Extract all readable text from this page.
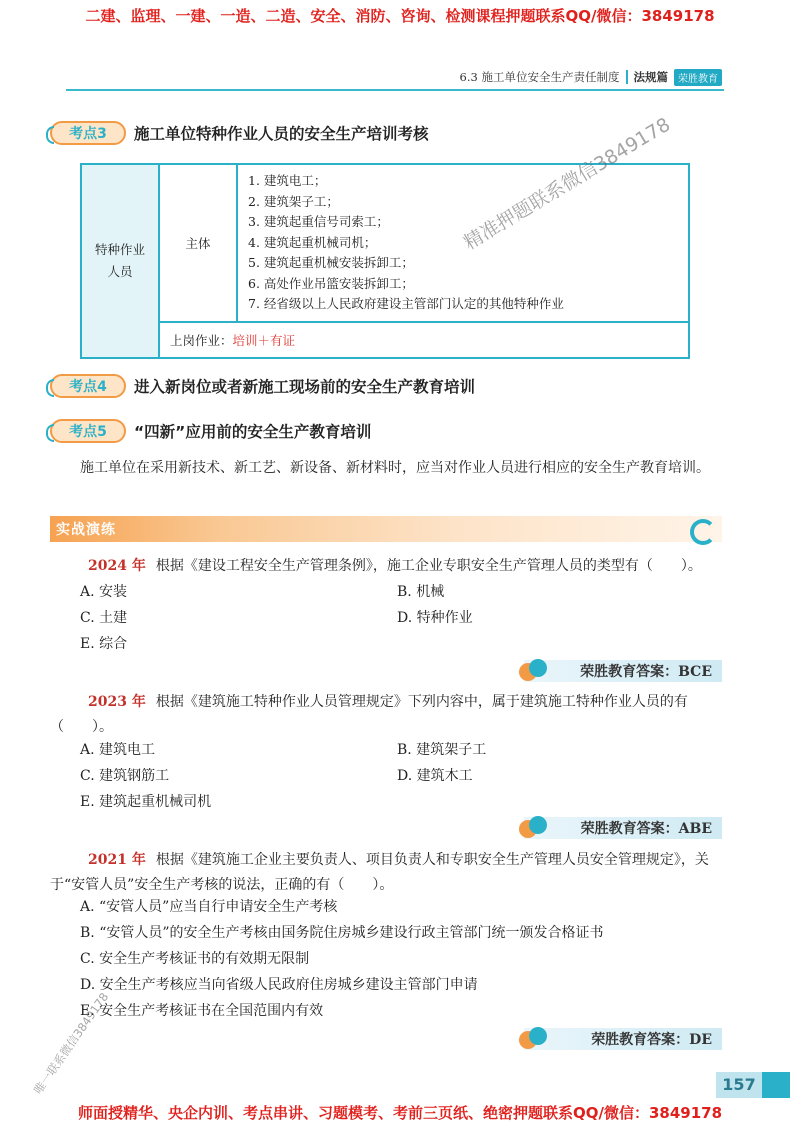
二建、监理、一建、一造、二造、安全、消防、咨询、检测课程押题联系QQ/微信：3849178
6.3 施工单位安全生产责任制度 法规篇	荣胜教育
考点3	施工单位特种作业人员的安全生产培训考核
特种作业人员	主体	
1. 建筑电工；
2. 建筑架子工；
3. 建筑起重信号司索工；
4. 建筑起重机械司机；
5. 建筑起重机械安装拆卸工；
6. 高处作业吊篮安装拆卸工；
7. 经省级以上人民政府建设主管部门认定的其他特种作业

上岗作业：培训＋有证
考点4	进入新岗位或者新施工现场前的安全生产教育培训
考点5	“四新”应用前的安全生产教育培训
施工单位在采用新技术、新工艺、新设备、新材料时，应当对作业人员进行相应的安全生产教育培训。
实战演练
2024 年 根据《建设工程安全生产管理条例》，施工企业专职安全生产管理人员的类型有（　　）。
A. 安装	B. 机械
C. 土建	D. 特种作业
E. 综合
荣胜教育答案：BCE
2023 年 根据《建筑施工特种作业人员管理规定》下列内容中，属于建筑施工特种作业人员的有（　　）。
A. 建筑电工	B. 建筑架子工
C. 建筑钢筋工	D. 建筑木工
E. 建筑起重机械司机
荣胜教育答案：ABE
2021 年 根据《建筑施工企业主要负责人、项目负责人和专职安全生产管理人员安全管理规定》，关于“安管人员”安全生产考核的说法，正确的有（　　）。
A. “安管人员”应当自行申请安全生产考核
B. “安管人员”的安全生产考核由国务院住房城乡建设行政主管部门统一颁发合格证书
C. 安全生产考核证书的有效期无限制
D. 安全生产考核应当向省级人民政府住房城乡建设主管部门申请
E. 安全生产考核证书在全国范围内有效
荣胜教育答案：DE
157
精准押题联系微信3849178
唯一联系微信3849178
师面授精华、央企内训、考点串讲、习题模考、考前三页纸、绝密押题联系QQ/微信：3849178
